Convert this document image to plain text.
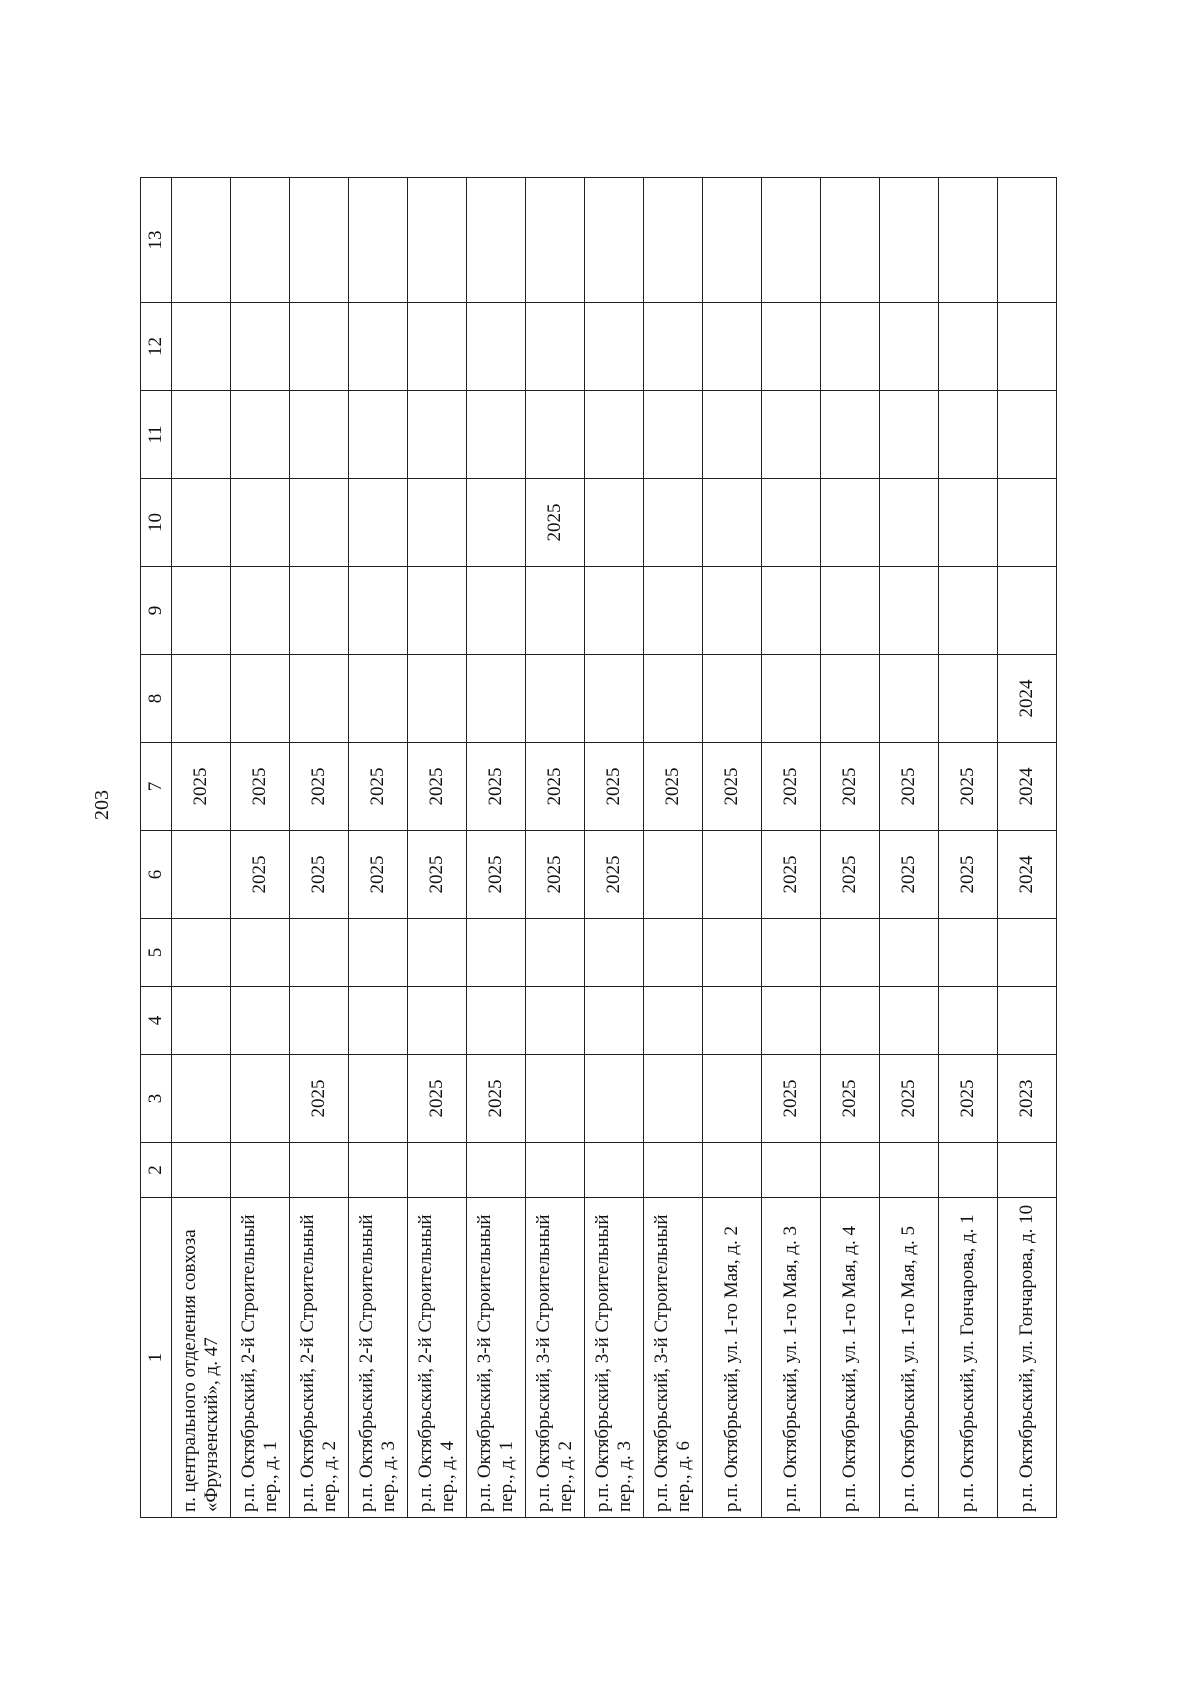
203
1	2	3	4	5	6	7	8	9	10	11	12	13
п. центрального отделения совхоза «Фрунзенский», д. 47						2025						
р.п. Октябрьский, 2-й Строительный пер., д. 1					2025	2025						
р.п. Октябрьский, 2-й Строительный пер., д. 2		2025			2025	2025						
р.п. Октябрьский, 2-й Строительный пер., д. 3					2025	2025						
р.п. Октябрьский, 2-й Строительный пер., д. 4		2025			2025	2025						
р.п. Октябрьский, 3-й Строительный пер., д. 1		2025			2025	2025						
р.п. Октябрьский, 3-й Строительный пер., д. 2					2025	2025			2025			
р.п. Октябрьский, 3-й Строительный пер., д. 3					2025	2025						
р.п. Октябрьский, 3-й Строительный пер., д. 6						2025						
р.п. Октябрьский, ул. 1-го Мая, д. 2						2025						
р.п. Октябрьский, ул. 1-го Мая, д. 3		2025			2025	2025						
р.п. Октябрьский, ул. 1-го Мая, д. 4		2025			2025	2025						
р.п. Октябрьский, ул. 1-го Мая, д. 5		2025			2025	2025						
р.п. Октябрьский, ул. Гончарова, д. 1		2025			2025	2025						
р.п. Октябрьский, ул. Гончарова, д. 10		2023			2024	2024	2024					
